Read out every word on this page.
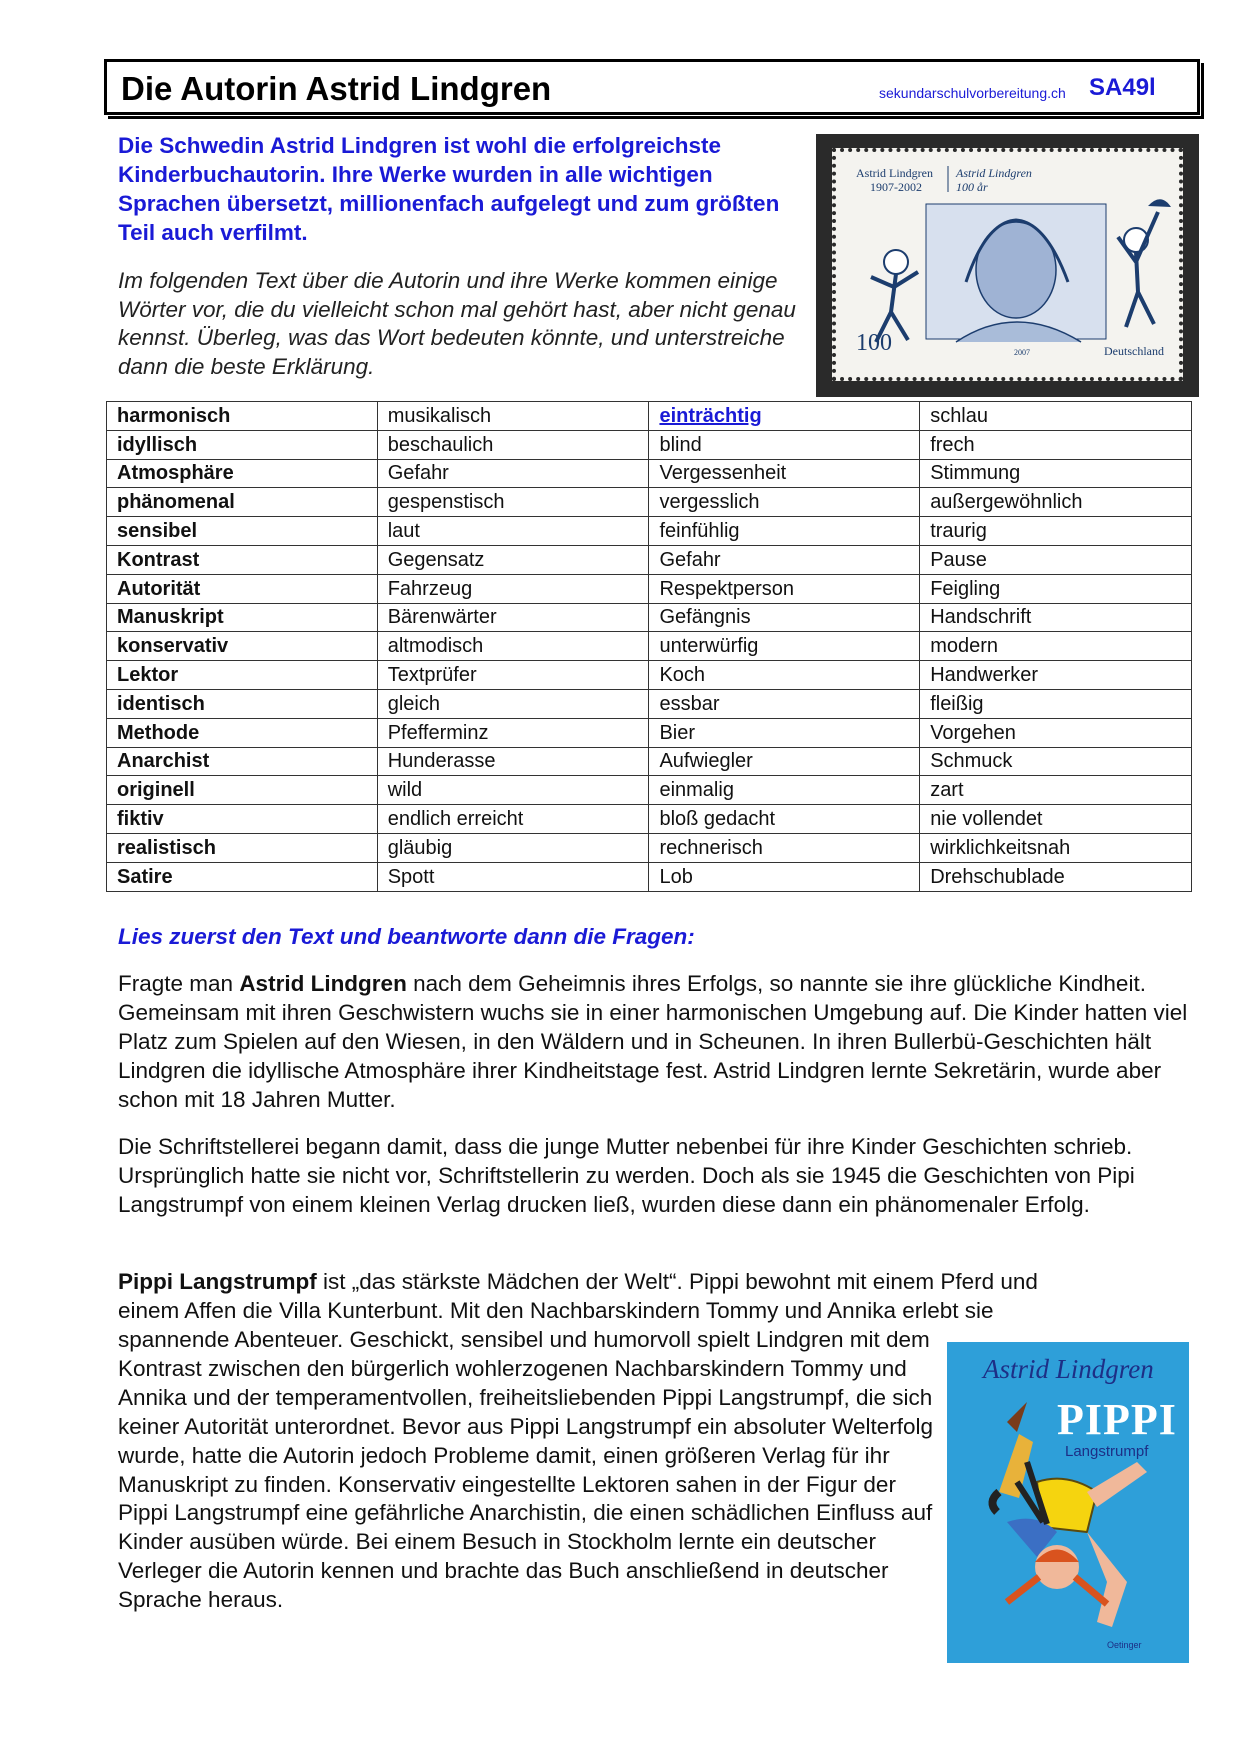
Die Autorin Astrid Lindgren	sekundarschulvorbereitung.ch SA49l
Die Schwedin Astrid Lindgren ist wohl die erfolgreichste Kinderbuchautorin. Ihre Werke wurden in alle wichtigen Sprachen übersetzt, millionenfach aufgelegt und zum größten Teil auch verfilmt.
Im folgenden Text über die Autorin und ihre Werke kommen einige Wörter vor, die du vielleicht schon mal gehört hast, aber nicht genau kennst. Überleg, was das Wort bedeuten könnte, und unterstreiche dann die beste Erklärung.
Astrid Lindgren
1907-2002
Astrid Lindgren
100 år
100	2007	Deutschland
harmonisch	musikalisch	einträchtig	schlau
idyllisch	beschaulich	blind	frech
Atmosphäre	Gefahr	Vergessenheit	Stimmung
phänomenal	gespenstisch	vergesslich	außergewöhnlich
sensibel	laut	feinfühlig	traurig
Kontrast	Gegensatz	Gefahr	Pause
Autorität	Fahrzeug	Respektperson	Feigling
Manuskript	Bärenwärter	Gefängnis	Handschrift
konservativ	altmodisch	unterwürfig	modern
Lektor	Textprüfer	Koch	Handwerker
identisch	gleich	essbar	fleißig
Methode	Pfefferminz	Bier	Vorgehen
Anarchist	Hunderasse	Aufwiegler	Schmuck
originell	wild	einmalig	zart
fiktiv	endlich erreicht	bloß gedacht	nie vollendet
realistisch	gläubig	rechnerisch	wirklichkeitsnah
Satire	Spott	Lob	Drehschublade
Lies zuerst den Text und beantworte dann die Fragen:
Fragte man Astrid Lindgren nach dem Geheimnis ihres Erfolgs, so nannte sie ihre glückliche Kindheit. Gemeinsam mit ihren Geschwistern wuchs sie in einer harmonischen Umgebung auf. Die Kinder hatten viel Platz zum Spielen auf den Wiesen, in den Wäldern und in Scheunen. In ihren Bullerbü-Geschichten hält Lindgren die idyllische Atmosphäre ihrer Kindheitstage fest. Astrid Lindgren lernte Sekretärin, wurde aber schon mit 18 Jahren Mutter.
Die Schriftstellerei begann damit, dass die junge Mutter nebenbei für ihre Kinder Geschichten schrieb. Ursprünglich hatte sie nicht vor, Schriftstellerin zu werden. Doch als sie 1945 die Geschichten von Pipi Langstrumpf von einem kleinen Verlag drucken ließ, wurden diese dann ein phänomenaler Erfolg.
Pippi Langstrumpf ist „das stärkste Mädchen der Welt“. Pippi bewohnt mit einem Pferd und
einem Affen die Villa Kunterbunt. Mit den Nachbarskindern Tommy und Annika erlebt sie
spannende Abenteuer. Geschickt, sensibel und humorvoll spielt Lindgren mit dem Kontrast zwischen den bürgerlich wohlerzogenen Nachbarskindern Tommy und Annika und der temperamentvollen, freiheitsliebenden Pippi Langstrumpf, die sich keiner Autorität unterordnet. Bevor aus Pippi Langstrumpf ein absoluter Welterfolg wurde, hatte die Autorin jedoch Probleme damit, einen größeren Verlag für ihr Manuskript zu finden. Konservativ eingestellte Lektoren sahen in der Figur der Pippi Langstrumpf eine gefährliche Anarchistin, die einen schädlichen Einfluss auf Kinder ausüben würde. Bei einem Besuch in Stockholm lernte ein deutscher Verleger die Autorin kennen und brachte das Buch anschließend in deutscher Sprache heraus.
Astrid Lindgren
PIPPI
Langstrumpf
Oetinger
